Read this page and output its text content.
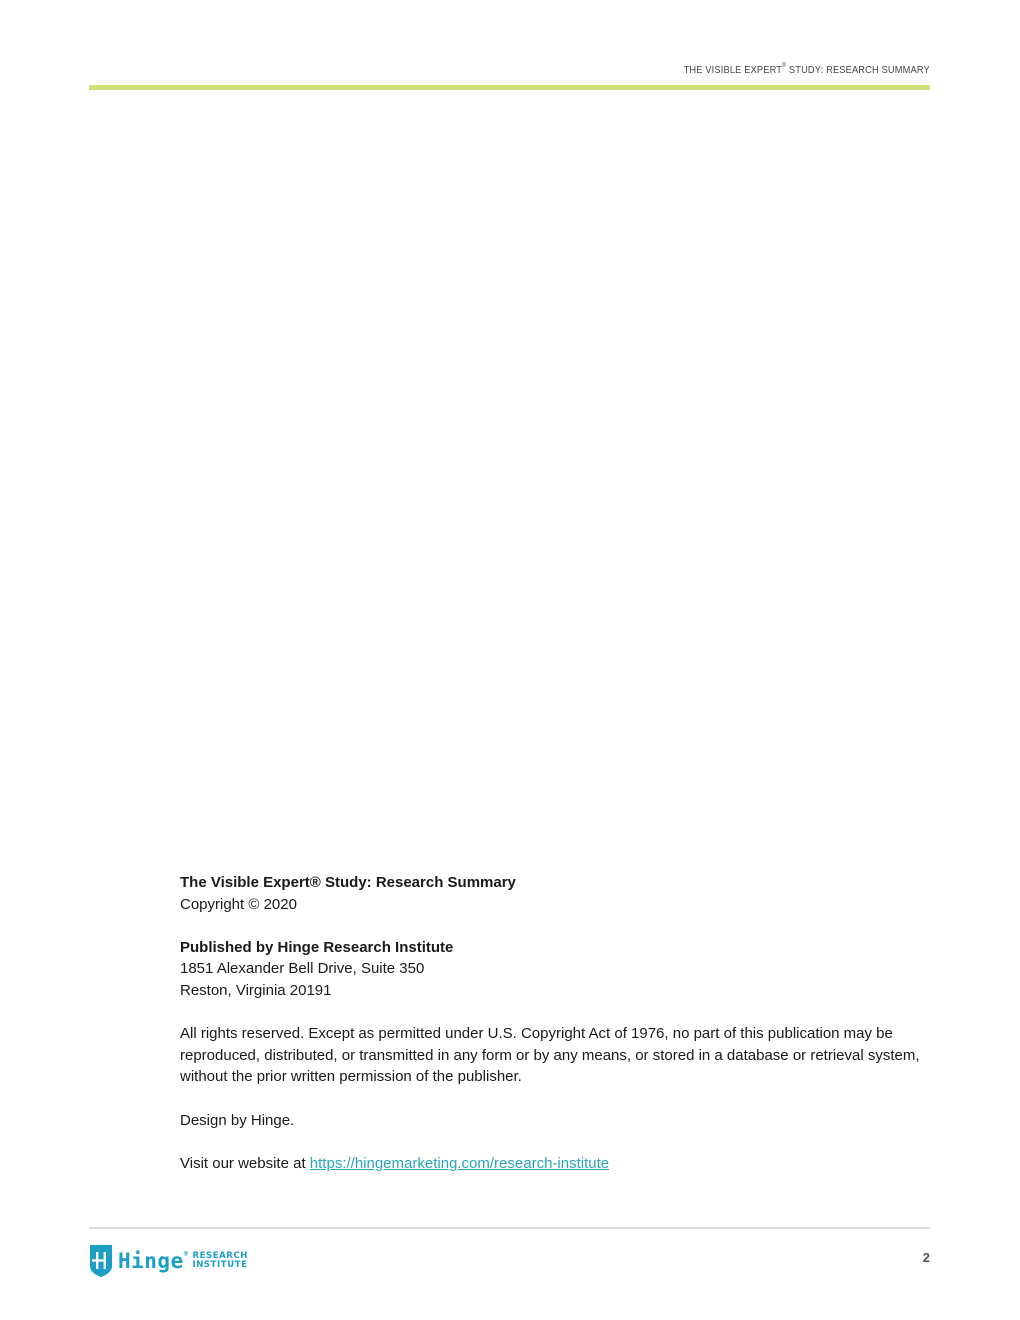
THE VISIBLE EXPERT® STUDY: RESEARCH SUMMARY

The Visible Expert® Study: Research Summary

Copyright © 2020

Published by Hinge Research Institute

1851 Alexander Bell Drive, Suite 350

Reston, Virginia 20191

All rights reserved. Except as permitted under U.S. Copyright Act of 1976, no part of this publication may be reproduced, distributed, or transmitted in any form or by any means, or stored in a database or retrieval system, without the prior written permission of the publisher.

Design by Hinge.

Visit our website at https://hingemarketing.com/research-institute

Hinge® RESEARCH
INSTITUTE	2
